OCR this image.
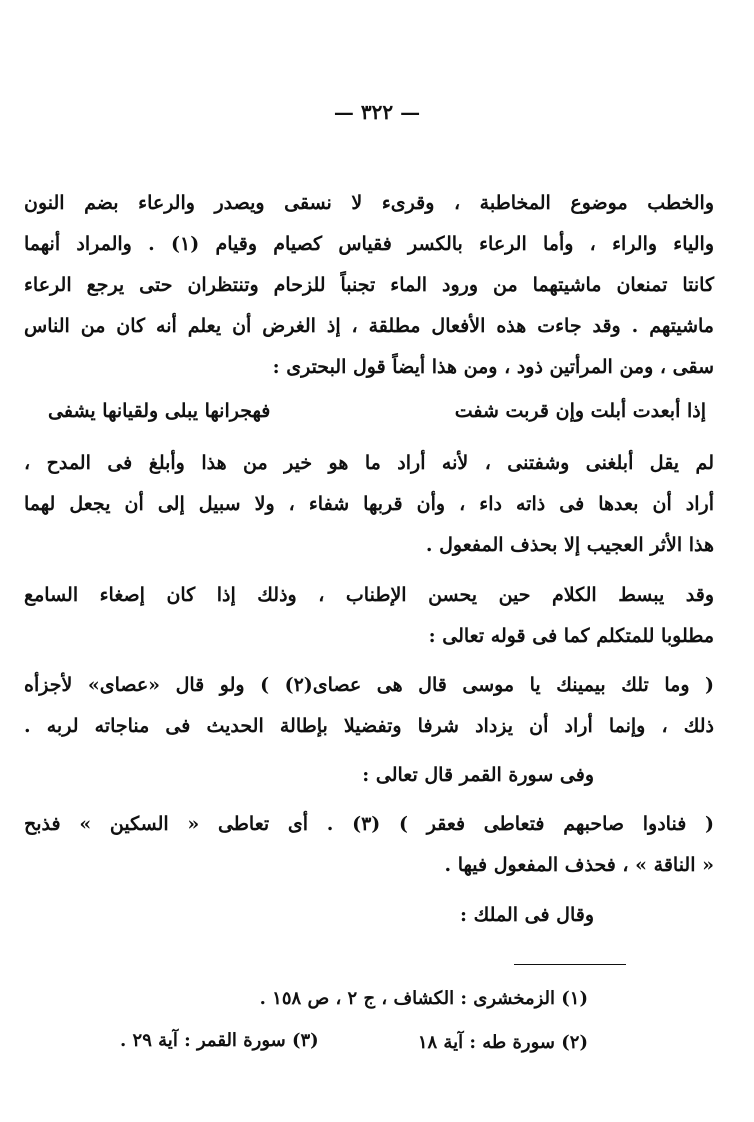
— ٣٢٢ —
والخطب موضوع المخاطبة ، وقرىء لا نسقى ويصدر والرعاء بضم النون
والياء والراء ، وأما الرعاء بالكسر فقياس كصيام وقيام (١) . والمراد أنهما
كانتا تمنعان ماشيتهما من ورود الماء تجنباً للزحام وتنتظران حتى يرجع الرعاء
ماشيتهم . وقد جاءت هذه الأفعال مطلقة ، إذ الغرض أن يعلم أنه كان من الناس
سقى ، ومن المرأتين ذود ، ومن هذا أيضاً قول البحترى :
إذا أبعدت أبلت وإن قربت شفت
فهجرانها يبلى ولقيانها يشفى
لم يقل أبلغنى وشفتنى ، لأنه أراد ما هو خير من هذا وأبلغ فى المدح ،
أراد أن بعدها فى ذاته داء ، وأن قربها شفاء ، ولا سبيل إلى أن يجعل لهما
هذا الأثر العجيب إلا بحذف المفعول .
وقد يبسط الكلام حين يحسن الإطناب ، وذلك إذا كان إصغاء السامع
مطلوبا للمتكلم كما فى قوله تعالى :
( وما تلك بيمينك يا موسى قال هى عصاى(٢) ) ولو قال «عصاى» لأجزأه
ذلك ، وإنما أراد أن يزداد شرفا وتفضيلا بإطالة الحديث فى مناجاته لربه .
وفى سورة القمر قال تعالى :
( فنادوا صاحبهم فتعاطى فعقر ) (٣) . أى تعاطى « السكين » فذبح
« الناقة » ، فحذف المفعول فيها .
وقال فى الملك :
(١) الزمخشرى : الكشاف ، ج ٢ ، ص ١٥٨ .
(٢) سورة طه : آية ١٨
(٣) سورة القمر : آية ٢٩ .
